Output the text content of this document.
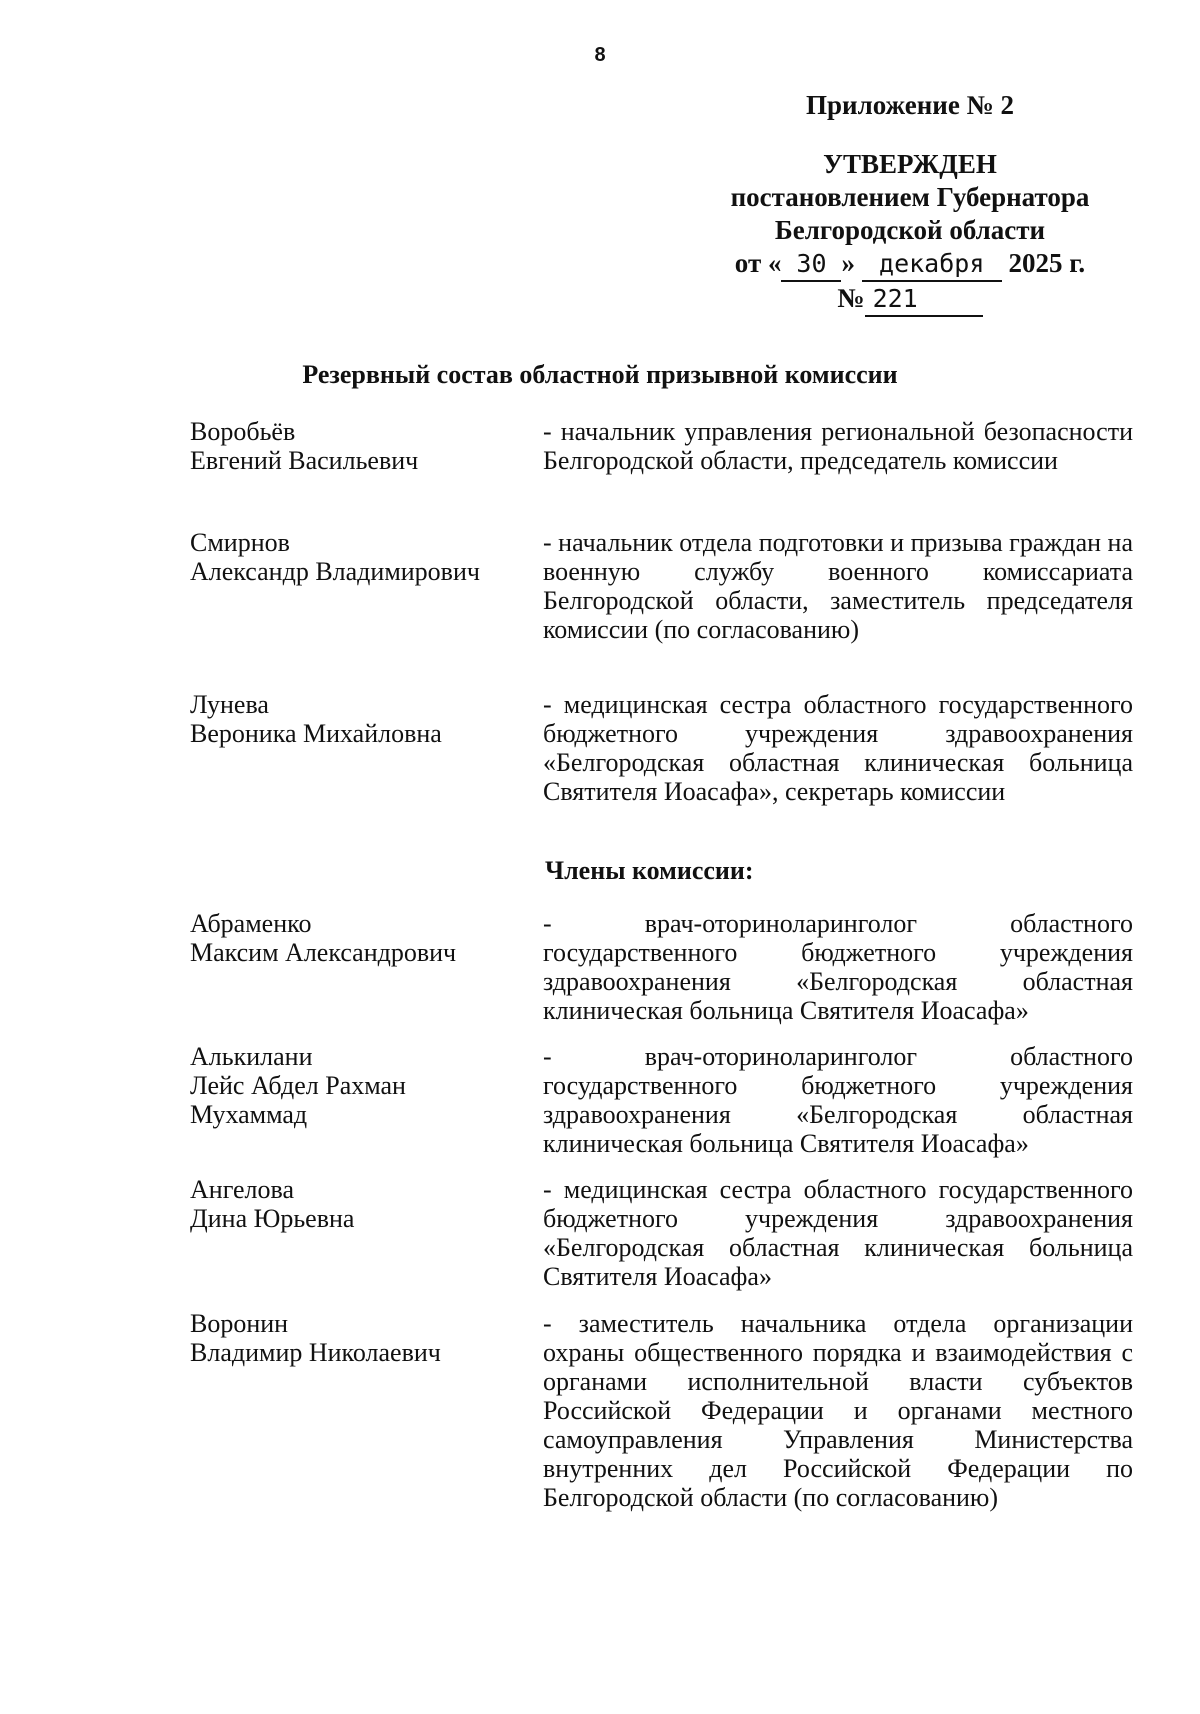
8
Приложение № 2
УТВЕРЖДЕН
постановлением Губернатора
Белгородской области
от « 30 » декабря 2025 г.
№ 221
Резервный состав областной призывной комиссии
Воробьёв
Евгений Васильевич
- начальник управления региональной безопасности Белгородской области, председатель комиссии
Смирнов
Александр Владимирович
- начальник отдела подготовки и призыва граждан на военную службу военного комиссариата Белгородской области, заместитель председателя комиссии (по согласованию)
Лунева
Вероника Михайловна
- медицинская сестра областного государственного бюджетного учреждения здравоохранения «Белгородская областная клиническая больница Святителя Иоасафа», секретарь комиссии
Члены комиссии:
Абраменко
Максим Александрович
- врач-оториноларинголог областного государственного бюджетного учреждения здравоохранения «Белгородская областная клиническая больница Святителя Иоасафа»
Алькилани
Лейс Абдел Рахман
Мухаммад
- врач-оториноларинголог областного государственного бюджетного учреждения здравоохранения «Белгородская областная клиническая больница Святителя Иоасафа»
Ангелова
Дина Юрьевна
- медицинская сестра областного государственного бюджетного учреждения здравоохранения «Белгородская областная клиническая больница Святителя Иоасафа»
Воронин
Владимир Николаевич
- заместитель начальника отдела организации охраны общественного порядка и взаимодействия с органами исполнительной власти субъектов Российской Федерации и органами местного самоуправления Управления Министерства внутренних дел Российской Федерации по Белгородской области (по согласованию)
